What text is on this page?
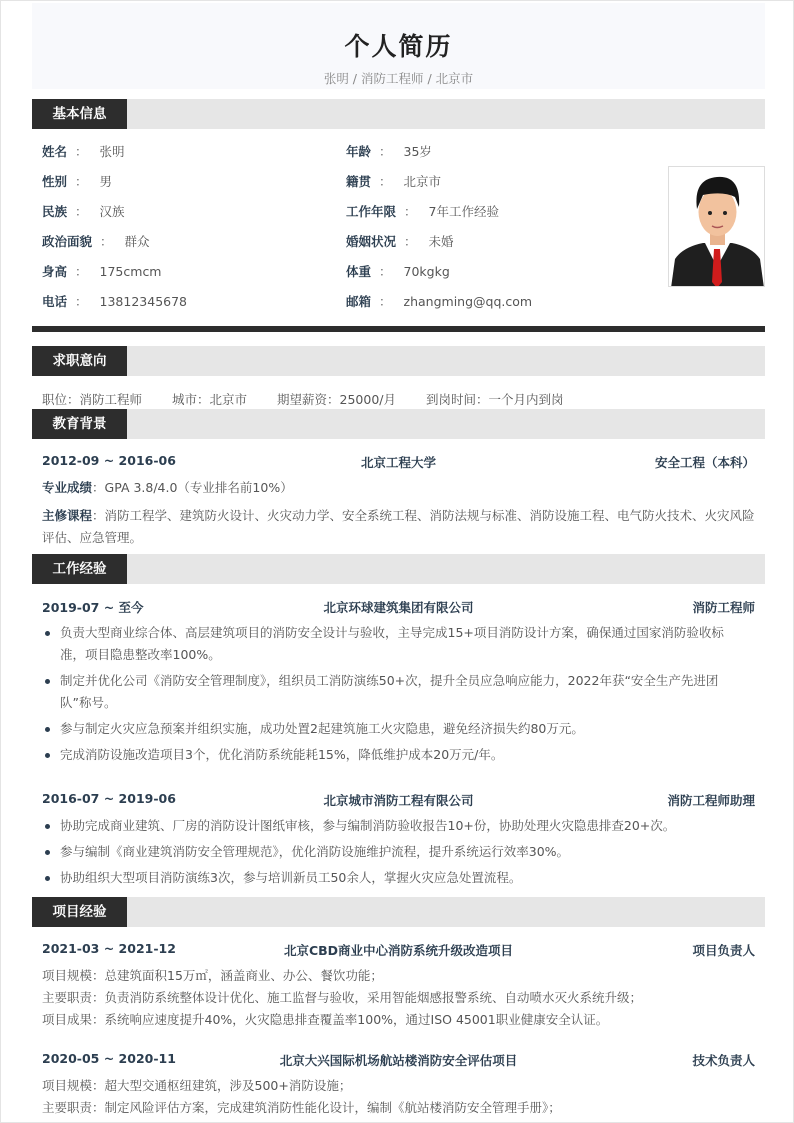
个人简历
张明 / 消防工程师 / 北京市
基本信息
姓名 ： 张明	年龄 ： 35岁
性别 ： 男	籍贯 ： 北京市
民族 ： 汉族	工作年限 ： 7年工作经验
政治面貌 ： 群众	婚姻状况 ： 未婚
身高 ： 175cmcm	体重 ： 70kgkg
电话 ： 13812345678	邮箱 ： zhangming@qq.com
求职意向
职位：消防工程师 城市：北京市 期望薪资：25000/月 到岗时间：一个月内到岗
教育背景
2012-09 ~ 2016-06	北京工程大学	安全工程（本科）
专业成绩：GPA 3.8/4.0（专业排名前10%）
主修课程：消防工程学、建筑防火设计、火灾动力学、安全系统工程、消防法规与标准、消防设施工程、电气防火技术、火灾风险评估、应急管理。
工作经验
2019-07 ~ 至今	北京环球建筑集团有限公司	消防工程师
负责大型商业综合体、高层建筑项目的消防安全设计与验收，主导完成15+项目消防设计方案，确保通过国家消防验收标准，项目隐患整改率100%。
制定并优化公司《消防安全管理制度》，组织员工消防演练50+次，提升全员应急响应能力，2022年获“安全生产先进团队”称号。
参与制定火灾应急预案并组织实施，成功处置2起建筑施工火灾隐患，避免经济损失约80万元。
完成消防设施改造项目3个，优化消防系统能耗15%，降低维护成本20万元/年。
2016-07 ~ 2019-06	北京城市消防工程有限公司	消防工程师助理
协助完成商业建筑、厂房的消防设计图纸审核，参与编制消防验收报告10+份，协助处理火灾隐患排查20+次。
参与编制《商业建筑消防安全管理规范》，优化消防设施维护流程，提升系统运行效率30%。
协助组织大型项目消防演练3次，参与培训新员工50余人，掌握火灾应急处置流程。
项目经验
2021-03 ~ 2021-12	北京CBD商业中心消防系统升级改造项目	项目负责人
项目规模：总建筑面积15万㎡，涵盖商业、办公、餐饮功能；
主要职责：负责消防系统整体设计优化、施工监督与验收，采用智能烟感报警系统、自动喷水灭火系统升级；
项目成果：系统响应速度提升40%，火灾隐患排查覆盖率100%，通过ISO 45001职业健康安全认证。
2020-05 ~ 2020-11	北京大兴国际机场航站楼消防安全评估项目	技术负责人
项目规模：超大型交通枢纽建筑，涉及500+消防设施；
主要职责：制定风险评估方案，完成建筑消防性能化设计，编制《航站楼消防安全管理手册》；
